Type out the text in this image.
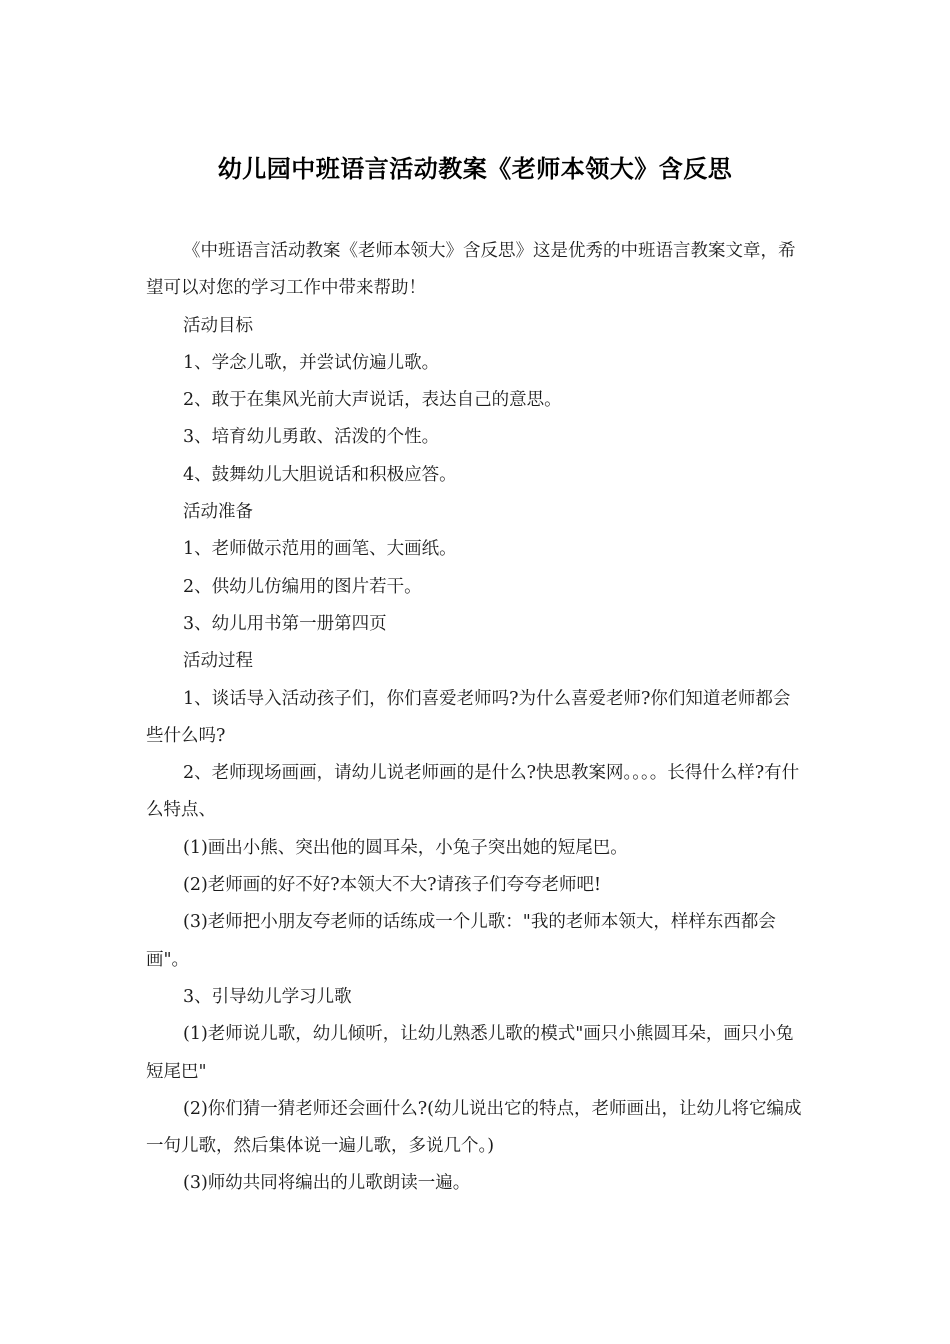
幼儿园中班语言活动教案《老师本领大》含反思

《中班语言活动教案《老师本领大》含反思》这是优秀的中班语言教案文章，希望可以对您的学习工作中带来帮助！

活动目标

1、学念儿歌，并尝试仿遍儿歌。

2、敢于在集风光前大声说话，表达自己的意思。

3、培育幼儿勇敢、活泼的个性。

4、鼓舞幼儿大胆说话和积极应答。

活动准备

1、老师做示范用的画笔、大画纸。

2、供幼儿仿编用的图片若干。

3、幼儿用书第一册第四页

活动过程

1、谈话导入活动孩子们，你们喜爱老师吗?为什么喜爱老师?你们知道老师都会些什么吗?

2、老师现场画画，请幼儿说老师画的是什么?快思教案网。。。。长得什么样?有什么特点、

(1)画出小熊、突出他的圆耳朵，小兔子突出她的短尾巴。

(2)老师画的好不好?本领大不大?请孩子们夸夸老师吧!

(3)老师把小朋友夸老师的话练成一个儿歌："我的老师本领大，样样东西都会画"。

3、引导幼儿学习儿歌

(1)老师说儿歌，幼儿倾听，让幼儿熟悉儿歌的模式"画只小熊圆耳朵，画只小兔短尾巴"

(2)你们猜一猜老师还会画什么?(幼儿说出它的特点，老师画出，让幼儿将它编成一句儿歌，然后集体说一遍儿歌，多说几个。)

(3)师幼共同将编出的儿歌朗读一遍。
